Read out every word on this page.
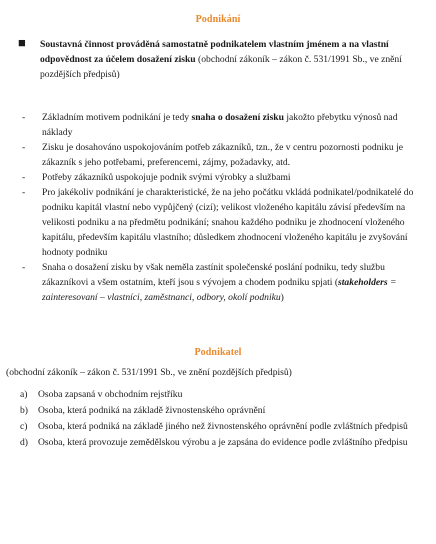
Podnikání
■	Soustavná činnost prováděná samostatně podnikatelem vlastním jménem a na vlastní odpovědnost za účelem dosažení zisku (obchodní zákoník – zákon č. 531/1991 Sb., ve znění pozdějších předpisů)
- Základním motivem podnikání je tedy snaha o dosažení zisku jakožto přebytku výnosů nad náklady
- Zisku je dosahováno uspokojováním potřeb zákazníků, tzn., že v centru pozornosti podniku je zákazník s jeho potřebami, preferencemi, zájmy, požadavky, atd.
- Potřeby zákazníků uspokojuje podnik svými výrobky a službami
- Pro jakékoliv podnikání je charakteristické, že na jeho počátku vkládá podnikatel/podnikatelé do podniku kapitál vlastní nebo vypůjčený (cizí); velikost vloženého kapitálu závisí především na velikosti podniku a na předmětu podnikání; snahou každého podniku je zhodnocení vloženého kapitálu, především kapitálu vlastního; důsledkem zhodnocení vloženého kapitálu je zvyšování hodnoty podniku
- Snaha o dosažení zisku by však neměla zastínit společenské poslání podniku, tedy službu zákazníkovi a všem ostatním, kteří jsou s vývojem a chodem podniku spjati (stakeholders = zainteresovaní – vlastníci, zaměstnanci, odbory, okolí podniku)
Podnikatel
(obchodní zákoník – zákon č. 531/1991 Sb., ve znění pozdějších předpisů)
a) Osoba zapsaná v obchodním rejstříku
b) Osoba, která podniká na základě živnostenského oprávnění
c) Osoba, která podniká na základě jiného než živnostenského oprávnění podle zvláštních předpisů
d) Osoba, která provozuje zemědělskou výrobu a je zapsána do evidence podle zvláštního předpisu
